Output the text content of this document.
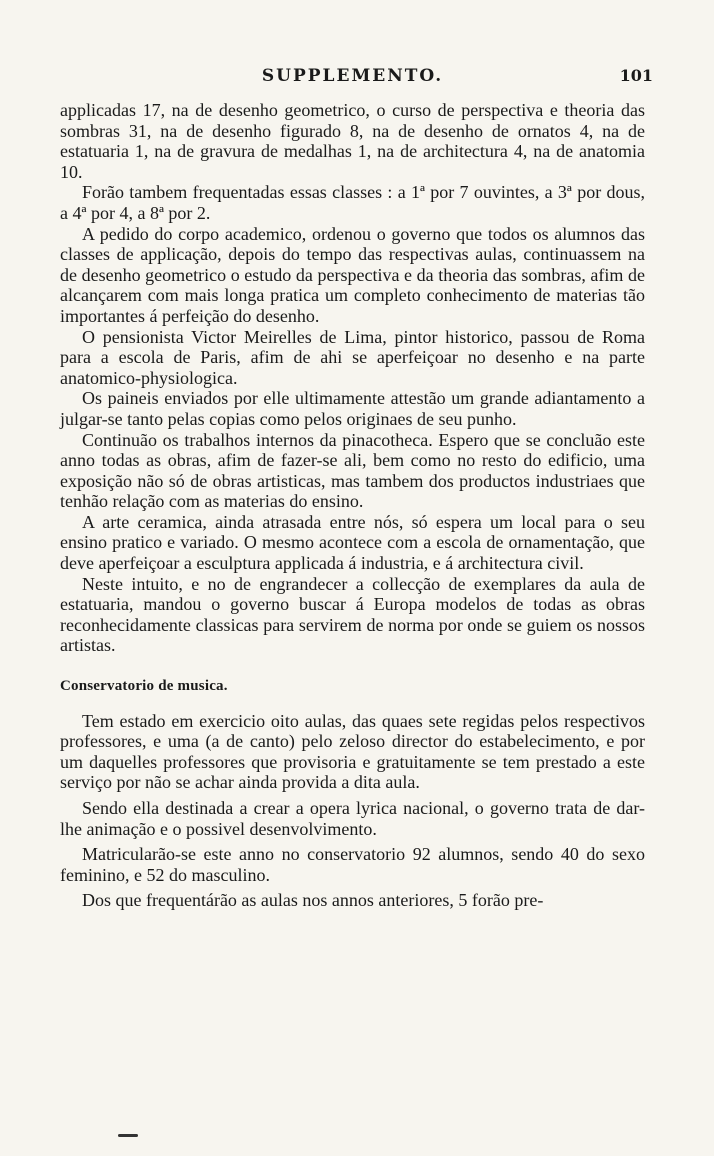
SUPPLEMENTO.	101

applicadas 17, na de desenho geometrico, o curso de perspectiva e theoria das sombras 31, na de desenho figurado 8, na de desenho de ornatos 4, na de estatuaria 1, na de gravura de medalhas 1, na de architectura 4, na de anatomia 10.

Forão tambem frequentadas essas classes : a 1ª por 7 ouvintes, a 3ª por dous, a 4ª por 4, a 8ª por 2.

A pedido do corpo academico, ordenou o governo que todos os alumnos das classes de applicação, depois do tempo das respectivas aulas, continuassem na de desenho geometrico o estudo da perspectiva e da theoria das sombras, afim de alcançarem com mais longa pratica um completo conhecimento de materias tão importantes á perfeição do desenho.

O pensionista Victor Meirelles de Lima, pintor historico, passou de Roma para a escola de Paris, afim de ahi se aperfeiçoar no desenho e na parte anatomico-physiologica.

Os paineis enviados por elle ultimamente attestão um grande adiantamento a julgar-se tanto pelas copias como pelos originaes de seu punho.

Continuão os trabalhos internos da pinacotheca. Espero que se concluão este anno todas as obras, afim de fazer-se ali, bem como no resto do edificio, uma exposição não só de obras artisticas, mas tambem dos productos industriaes que tenhão relação com as materias do ensino.

A arte ceramica, ainda atrasada entre nós, só espera um local para o seu ensino pratico e variado. O mesmo acontece com a escola de ornamentação, que deve aperfeiçoar a esculptura applicada á industria, e á architectura civil.

Neste intuito, e no de engrandecer a collecção de exemplares da aula de estatuaria, mandou o governo buscar á Europa modelos de todas as obras reconhecidamente classicas para servirem de norma por onde se guiem os nossos artistas.

Conservatorio de musica.

Tem estado em exercicio oito aulas, das quaes sete regidas pelos respectivos professores, e uma (a de canto) pelo zeloso director do estabelecimento, e por um daquelles professores que provisoria e gratuitamente se tem prestado a este serviço por não se achar ainda provida a dita aula.

Sendo ella destinada a crear a opera lyrica nacional, o governo trata de dar-lhe animação e o possivel desenvolvimento.

Matricularão-se este anno no conservatorio 92 alumnos, sendo 40 do sexo feminino, e 52 do masculino.

Dos que frequentárão as aulas nos annos anteriores, 5 forão pre-
